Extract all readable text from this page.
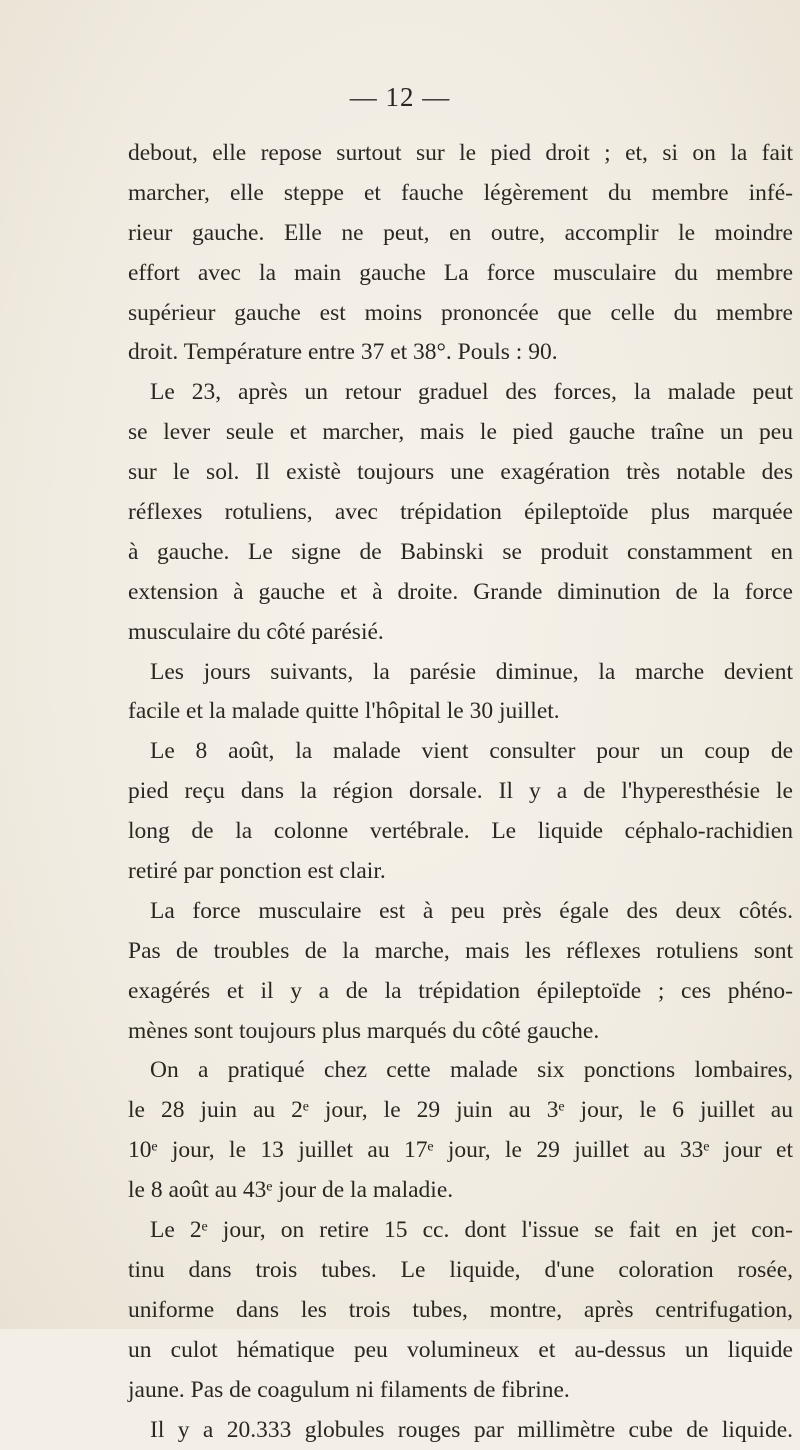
— 12 —
debout, elle repose surtout sur le pied droit ; et, si on la fait
marcher, elle steppe et fauche légèrement du membre infé-
rieur gauche. Elle ne peut, en outre, accomplir le moindre
effort avec la main gauche La force musculaire du membre
supérieur gauche est moins prononcée que celle du membre
droit. Température entre 37 et 38°. Pouls : 90.
Le 23, après un retour graduel des forces, la malade peut
se lever seule et marcher, mais le pied gauche traîne un peu
sur le sol. Il existè toujours une exagération très notable des
réflexes rotuliens, avec trépidation épileptoïde plus marquée
à gauche. Le signe de Babinski se produit constamment en
extension à gauche et à droite. Grande diminution de la force
musculaire du côté parésié.
Les jours suivants, la parésie diminue, la marche devient
facile et la malade quitte l'hôpital le 30 juillet.
Le 8 août, la malade vient consulter pour un coup de
pied reçu dans la région dorsale. Il y a de l'hyperesthésie le
long de la colonne vertébrale. Le liquide céphalo-rachidien
retiré par ponction est clair.
La force musculaire est à peu près égale des deux côtés.
Pas de troubles de la marche, mais les réflexes rotuliens sont
exagérés et il y a de la trépidation épileptoïde ; ces phéno-
mènes sont toujours plus marqués du côté gauche.
On a pratiqué chez cette malade six ponctions lombaires,
le 28 juin au 2ᵉ jour, le 29 juin au 3ᵉ jour, le 6 juillet au
10ᵉ jour, le 13 juillet au 17ᵉ jour, le 29 juillet au 33ᵉ jour et
le 8 août au 43ᵉ jour de la maladie.
Le 2ᵉ jour, on retire 15 cc. dont l'issue se fait en jet con-
tinu dans trois tubes. Le liquide, d'une coloration rosée,
uniforme dans les trois tubes, montre, après centrifugation,
un culot hématique peu volumineux et au-dessus un liquide
jaune. Pas de coagulum ni filaments de fibrine.
Il y a 20.333 globules rouges par millimètre cube de liquide.
